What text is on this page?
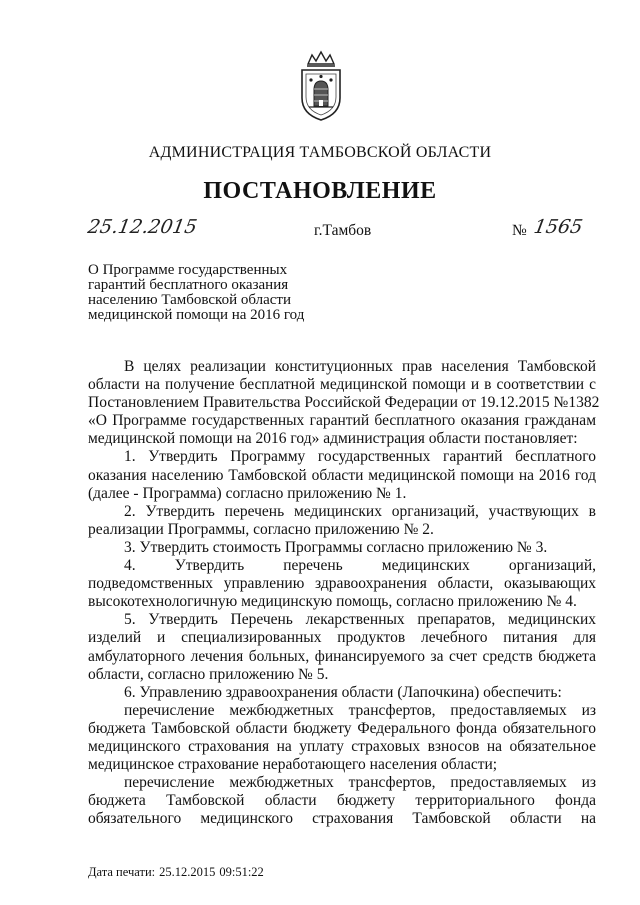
АДМИНИСТРАЦИЯ ТАМБОВСКОЙ ОБЛАСТИ
ПОСТАНОВЛЕНИЕ
25.12.2015	г.Тамбов	№ 1565
О Программе государственных
гарантий бесплатного оказания
населению Тамбовской области
медицинской помощи на 2016 год

В целях реализации конституционных прав населения Тамбовской

области на получение бесплатной медицинской помощи и в соответствии с

Постановлением Правительства Российской Федерации от 19.12.2015 №1382

«О Программе государственных гарантий бесплатного оказания гражданам

медицинской помощи на 2016 год» администрация области постановляет:

1. Утвердить Программу государственных гарантий бесплатного

оказания населению Тамбовской области медицинской помощи на 2016 год

(далее - Программа) согласно приложению № 1.

2. Утвердить перечень медицинских организаций, участвующих в

реализации Программы, согласно приложению № 2.

3. Утвердить стоимость Программы согласно приложению № 3.

4. Утвердить перечень медицинских организаций,

подведомственных управлению здравоохранения области, оказывающих

высокотехнологичную медицинскую помощь, согласно приложению № 4.

5. Утвердить Перечень лекарственных препаратов, медицинских

изделий и специализированных продуктов лечебного питания для

амбулаторного лечения больных, финансируемого за счет средств бюджета

области, согласно приложению № 5.

6. Управлению здравоохранения области (Лапочкина) обеспечить:

перечисление межбюджетных трансфертов, предоставляемых из

бюджета Тамбовской области бюджету Федерального фонда обязательного

медицинского страхования на уплату страховых взносов на обязательное

медицинское страхование неработающего населения области;

перечисление межбюджетных трансфертов, предоставляемых из

бюджета Тамбовской области бюджету территориального фонда

обязательного медицинского страхования Тамбовской области на

Дата печати: 25.12.2015 09:51:22
